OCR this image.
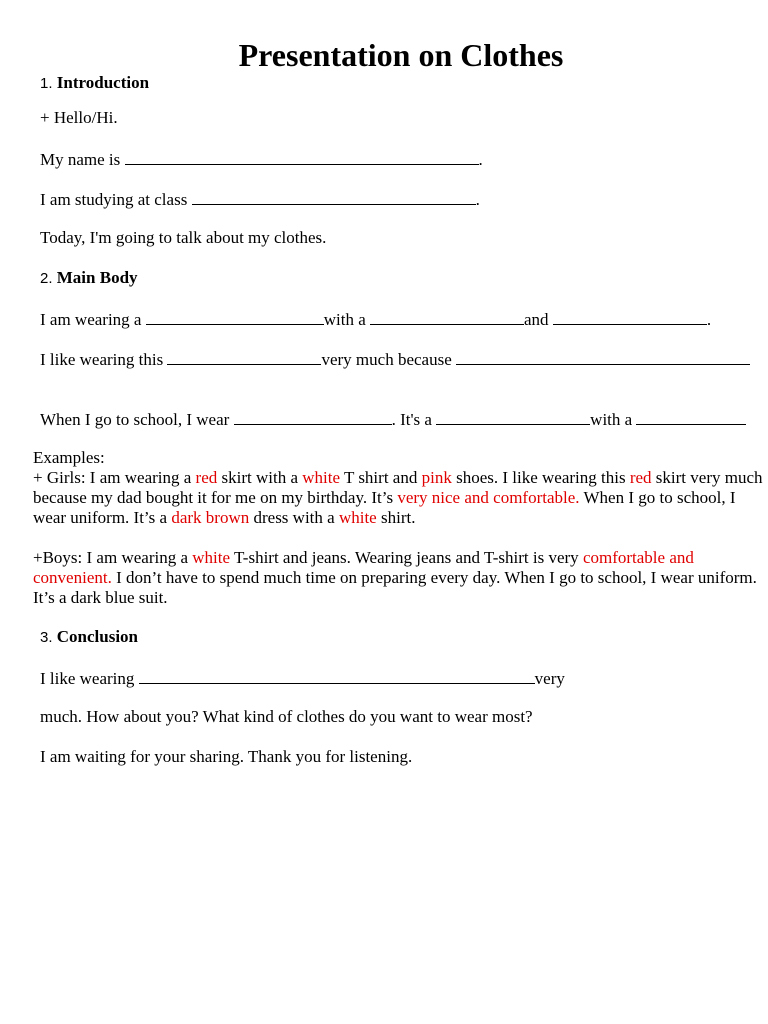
Presentation on Clothes
1. Introduction
+ Hello/Hi.
My name is	.
I am studying at class	.
Today, I'm going to talk about my clothes.
2. Main Body
I am wearing a	with a	and	.
I like wearing this	very much because
When I go to school, I wear	. It's a	with a
Examples:
+ Girls: I am wearing a red skirt with a white T shirt and pink shoes. I like wearing this red skirt very much because my dad bought it for me on my birthday. It’s very nice and comfortable. When I go to school, I wear uniform. It’s a dark brown dress with a white shirt.
+Boys: I am wearing a white T-shirt and jeans. Wearing jeans and T-shirt is very comfortable and convenient. I don’t have to spend much time on preparing every day. When I go to school, I wear uniform. It’s a dark blue suit.
3. Conclusion
I like wearing	very
much. How about you? What kind of clothes do you want to wear most?
I am waiting for your sharing. Thank you for listening.
